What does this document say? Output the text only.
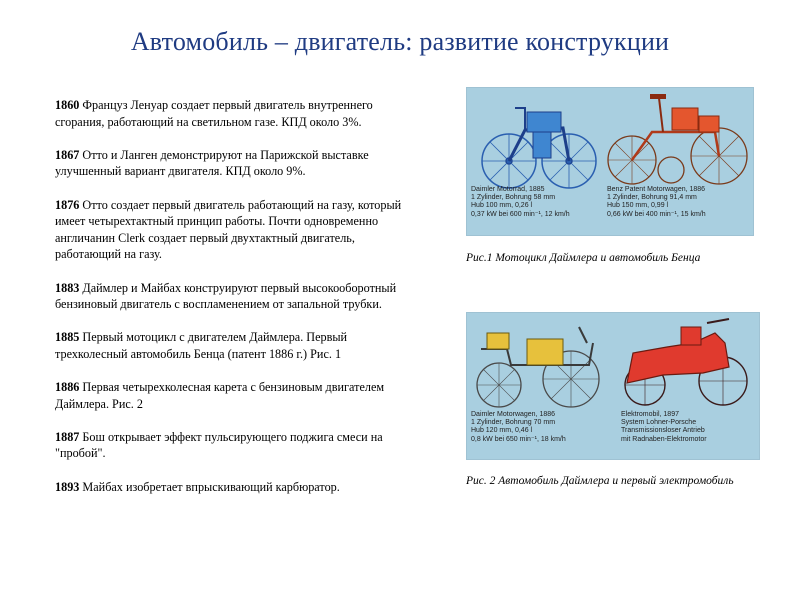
Автомобиль – двигатель: развитие конструкции
1860 Француз Ленуар создает первый двигатель внутреннего сгорания, работающий на светильном газе. КПД около 3%.
1867 Отто и Ланген демонстрируют на Парижской выставке улучшенный вариант двигателя. КПД около 9%.
1876 Отто создает первый двигатель работающий на газу, который имеет четырехтактный принцип работы. Почти одновременно англичанин Clerk создает первый двухтактный двигатель, работающий на газу.
1883 Даймлер и Майбах конструируют первый высокооборотный бензиновый двигатель с воспламенением от запальной трубки.
1885 Первый мотоцикл с двигателем Даймлера. Первый трехколесный автомобиль Бенца (патент 1886 г.) Рис. 1
1886 Первая четырехколесная карета с бензиновым двигателем Даймлера. Рис. 2
1887 Бош открывает эффект пульсирующего поджига смеси на "пробой".
1893 Майбах изобретает впрыскивающий карбюратор.
Daimler Motorrad, 1885
1 Zylinder, Bohrung 58 mm
Hub 100 mm, 0,26 l
0,37 kW bei 600 min⁻¹, 12 km/h
Benz Patent Motorwagen, 1886
1 Zylinder, Bohrung 91,4 mm
Hub 150 mm, 0,99 l
0,66 kW bei 400 min⁻¹, 15 km/h
Рис.1 Мотоцикл Даймлера и автомобиль Бенца
Daimler Motorwagen, 1886
1 Zylinder, Bohrung 70 mm
Hub 120 mm, 0,46 l
0,8 kW bei 650 min⁻¹, 18 km/h
Elektromobil, 1897
System Lohner-Porsche
Transmissionsloser Antrieb
mit Radnaben-Elektromotor
Рис. 2 Автомобиль Даймлера и первый электромобиль
